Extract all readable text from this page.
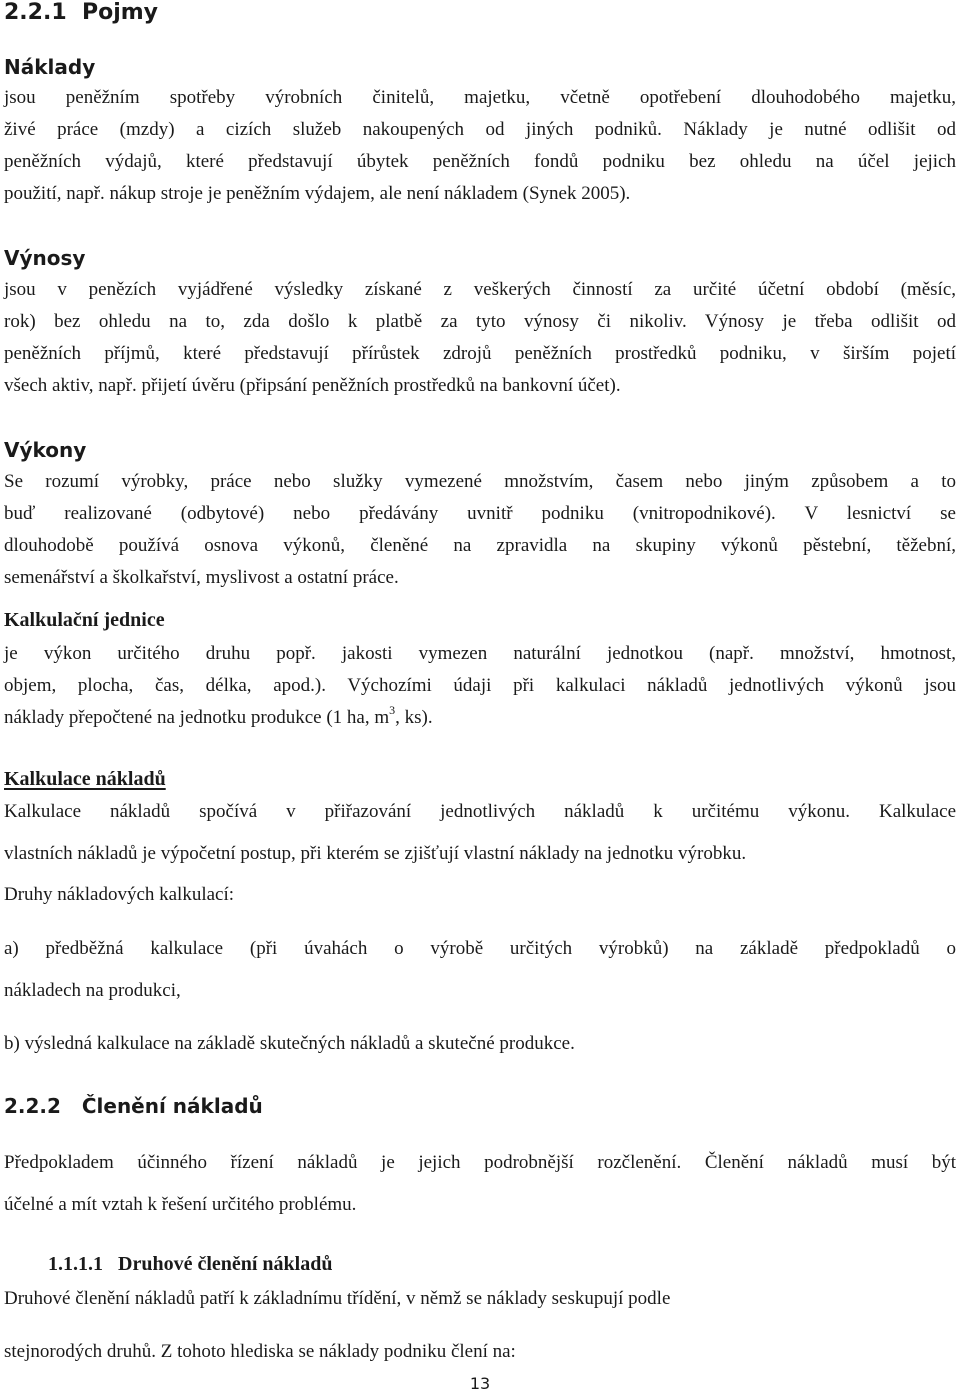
2.2.1 Pojmy
Náklady
jsou peněžním spotřeby výrobních činitelů, majetku, včetně opotřebení dlouhodobého majetku,
živé práce (mzdy) a cizích služeb nakoupených od jiných podniků. Náklady je nutné odlišit od
peněžních výdajů, které představují úbytek peněžních fondů podniku bez ohledu na účel jejich
použití, např. nákup stroje je peněžním výdajem, ale není nákladem (Synek 2005).
Výnosy
jsou v penězích vyjádřené výsledky získané z veškerých činností za určité účetní období (měsíc,
rok) bez ohledu na to, zda došlo k platbě za tyto výnosy či nikoliv. Výnosy je třeba odlišit od
peněžních příjmů, které představují přírůstek zdrojů peněžních prostředků podniku, v širším pojetí
všech aktiv, např. přijetí úvěru (připsání peněžních prostředků na bankovní účet).
Výkony
Se rozumí výrobky, práce nebo služky vymezené množstvím, časem nebo jiným způsobem a to
buď realizované (odbytové) nebo předávány uvnitř podniku (vnitropodnikové). V lesnictví se
dlouhodobě používá osnova výkonů, členěné na zpravidla na skupiny výkonů pěstební, těžební,
semenářství a školkařství, myslivost a ostatní práce.
Kalkulační jednice
je výkon určitého druhu popř. jakosti vymezen naturální jednotkou (např. množství, hmotnost,
objem, plocha, čas, délka, apod.). Výchozími údaji při kalkulaci nákladů jednotlivých výkonů jsou
náklady přepočtené na jednotku produkce (1 ha, $m^3$, ks).
Kalkulace nákladů
Kalkulace nákladů spočívá v přiřazování jednotlivých nákladů k určitému výkonu. Kalkulace
vlastních nákladů je výpočetní postup, při kterém se zjišťují vlastní náklady na jednotku výrobku.
Druhy nákladových kalkulací:
a) předběžná kalkulace (při úvahách o výrobě určitých výrobků) na základě předpokladů o
nákladech na produkci,
b) výsledná kalkulace na základě skutečných nákladů a skutečné produkce.
2.2.2 Členění nákladů
Předpokladem účinného řízení nákladů je jejich podrobnější rozčlenění. Členění nákladů musí být
účelné a mít vztah k řešení určitého problému.
1.1.1.1 Druhové členění nákladů
Druhové členění nákladů patří k základnímu třídění, v němž se náklady seskupují podle
stejnorodých druhů. Z tohoto hlediska se náklady podniku člení na:
13
